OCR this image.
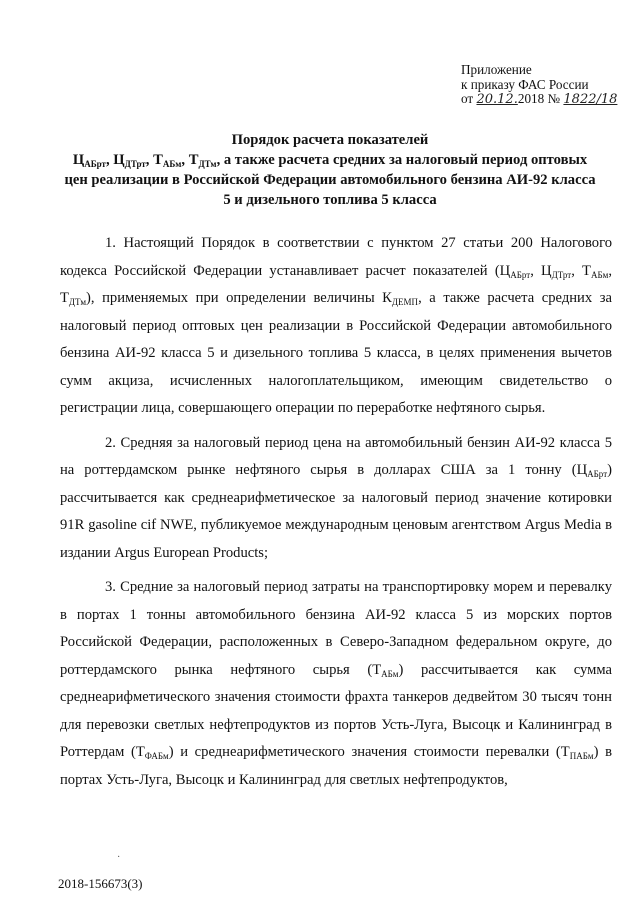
Приложение
к приказу ФАС России
от 20.12.2018 № 1822/18
Порядок расчета показателей
$Ц_{АБрт}$, $Ц_{ДТрт}$, $Т_{АБм}$, $Т_{ДТм}$, а также расчета средних за налоговый период оптовых
цен реализации в Российской Федерации автомобильного бензина АИ-92 класса
5 и дизельного топлива 5 класса

1. Настоящий Порядок в соответствии с пунктом 27 статьи 200 Налогового кодекса Российской Федерации устанавливает расчет показателей ($Ц_{АБрт}$, $Ц_{ДТрт}$, $Т_{АБм}$, $Т_{ДТм}$), применяемых при определении величины $К_{ДЕМП}$, а также расчета средних за налоговый период оптовых цен реализации в Российской Федерации автомобильного бензина АИ-92 класса 5 и дизельного топлива 5 класса, в целях применения вычетов сумм акциза, исчисленных налогоплательщиком, имеющим свидетельство о регистрации лица, совершающего операции по переработке нефтяного сырья.

2. Средняя за налоговый период цена на автомобильный бензин АИ-92 класса 5 на роттердамском рынке нефтяного сырья в долларах США за 1 тонну $(Ц_{АБрт})$ рассчитывается как среднеарифметическое за налоговый период значение котировки 91R gasoline cif NWE, публикуемое международным ценовым агентством Argus Media в издании Argus European Products;

3. Средние за налоговый период затраты на транспортировку морем и перевалку в портах 1 тонны автомобильного бензина АИ-92 класса 5 из морских портов Российской Федерации, расположенных в Северо-Западном федеральном округе, до роттердамского рынка нефтяного сырья $(Т_{АБм})$ рассчитывается как сумма среднеарифметического значения стоимости фрахта танкеров дедвейтом 30 тысяч тонн для перевозки светлых нефтепродуктов из портов Усть-Луга, Высоцк и Калининград в Роттердам $(Т_{ФАБм})$ и среднеарифметического значения стоимости перевалки $(Т_{ПАБм})$ в портах Усть-Луга, Высоцк и Калининград для светлых нефтепродуктов,

·
2018-156673(3)
